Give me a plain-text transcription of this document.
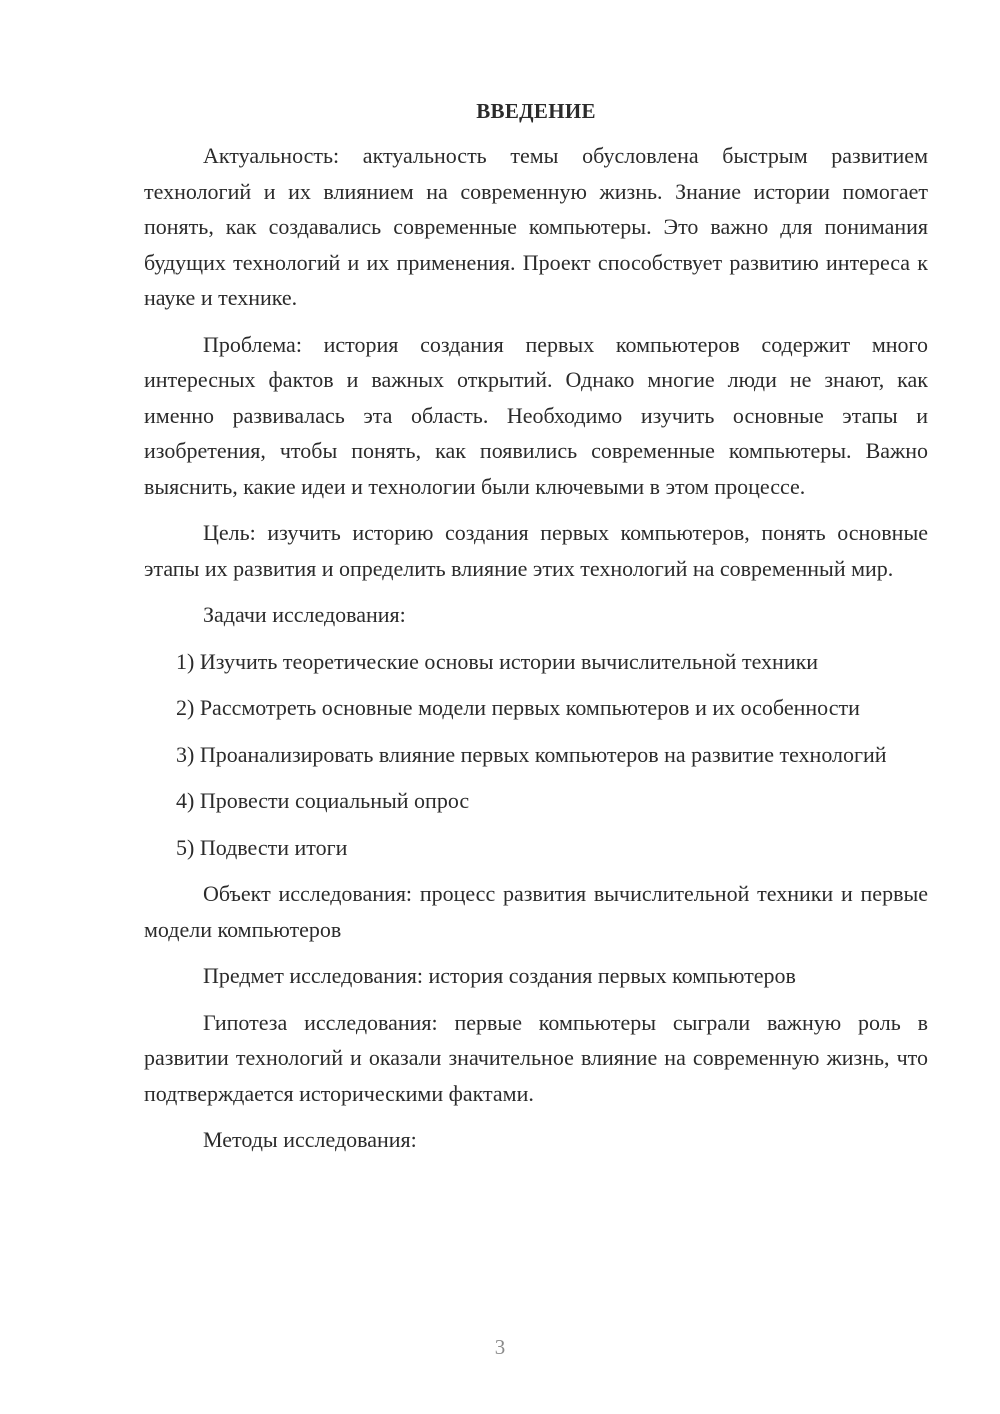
ВВЕДЕНИЕ

Актуальность: актуальность темы обусловлена быстрым развитием технологий и их влиянием на современную жизнь. Знание истории помогает понять, как создавались современные компьютеры. Это важно для понимания будущих технологий и их применения. Проект способствует развитию интереса к науке и технике.

Проблема: история создания первых компьютеров содержит много интересных фактов и важных открытий. Однако многие люди не знают, как именно развивалась эта область. Необходимо изучить основные этапы и изобретения, чтобы понять, как появились современные компьютеры. Важно выяснить, какие идеи и технологии были ключевыми в этом процессе.

Цель: изучить историю создания первых компьютеров, понять основные этапы их развития и определить влияние этих технологий на современный мир.

Задачи исследования:

1) Изучить теоретические основы истории вычислительной техники

2) Рассмотреть основные модели первых компьютеров и их особенности

3) Проанализировать влияние первых компьютеров на развитие технологий

4) Провести социальный опрос

5) Подвести итоги

Объект исследования: процесс развития вычислительной техники и первые модели компьютеров

Предмет исследования: история создания первых компьютеров

Гипотеза исследования: первые компьютеры сыграли важную роль в развитии технологий и оказали значительное влияние на современную жизнь, что подтверждается историческими фактами.

Методы исследования:

3
